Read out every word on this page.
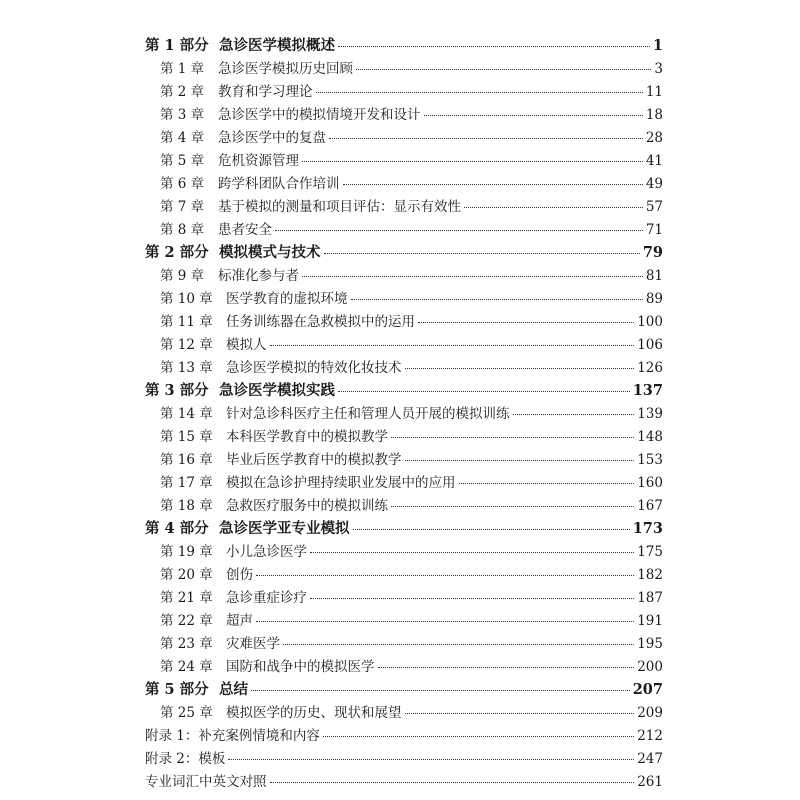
第 1 部分 急诊医学模拟概述	1
第 1 章	急诊医学模拟历史回顾	3
第 2 章	教育和学习理论	11
第 3 章	急诊医学中的模拟情境开发和设计	18
第 4 章	急诊医学中的复盘	28
第 5 章	危机资源管理	41
第 6 章	跨学科团队合作培训	49
第 7 章	基于模拟的测量和项目评估：显示有效性	57
第 8 章	患者安全	71
第 2 部分 模拟模式与技术	79
第 9 章	标准化参与者	81
第 10 章 医学教育的虚拟环境	89
第 11 章 任务训练器在急救模拟中的运用	100
第 12 章 模拟人	106
第 13 章 急诊医学模拟的特效化妆技术	126
第 3 部分 急诊医学模拟实践	137
第 14 章 针对急诊科医疗主任和管理人员开展的模拟训练	139
第 15 章 本科医学教育中的模拟教学	148
第 16 章 毕业后医学教育中的模拟教学	153
第 17 章 模拟在急诊护理持续职业发展中的应用	160
第 18 章 急救医疗服务中的模拟训练	167
第 4 部分 急诊医学亚专业模拟	173
第 19 章 小儿急诊医学	175
第 20 章 创伤	182
第 21 章 急诊重症诊疗	187
第 22 章 超声	191
第 23 章 灾难医学	195
第 24 章 国防和战争中的模拟医学	200
第 5 部分 总结	207
第 25 章 模拟医学的历史、现状和展望	209
附录 1：补充案例情境和内容	212
附录 2：模板	247
专业词汇中英文对照	261
